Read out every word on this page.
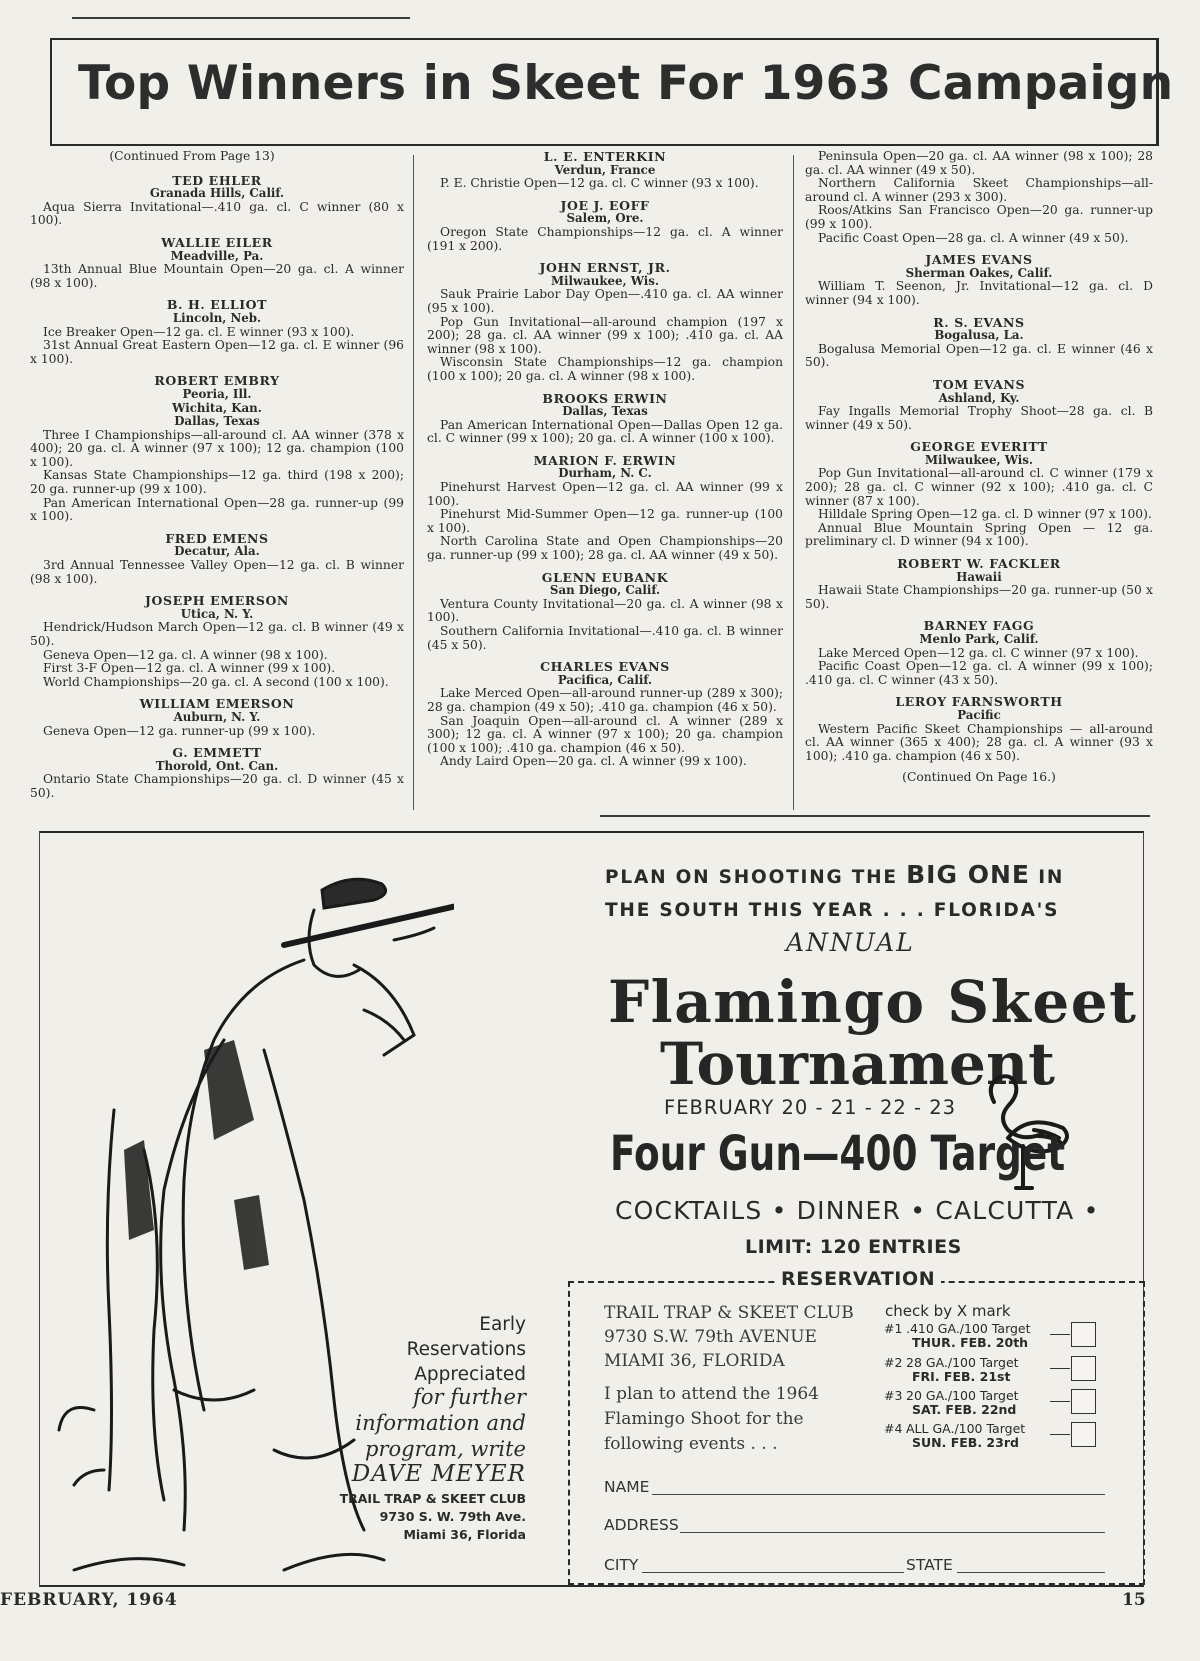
Top Winners in Skeet For 1963 Campaign
(Continued From Page 13)
TED EHLER
Granada Hills, Calif.

Aqua Sierra Invitational—.410 ga. cl. C winner (80 x 100).

WALLIE EILER
Meadville, Pa.

13th Annual Blue Mountain Open—20 ga. cl. A winner (98 x 100).

B. H. ELLIOT
Lincoln, Neb.

Ice Breaker Open—12 ga. cl. E winner (93 x 100).

31st Annual Great Eastern Open—12 ga. cl. E winner (96 x 100).

ROBERT EMBRY
Peoria, Ill.
Wichita, Kan.
Dallas, Texas

Three I Championships—all-around cl. AA winner (378 x 400); 20 ga. cl. A winner (97 x 100); 12 ga. champion (100 x 100).

Kansas State Championships—12 ga. third (198 x 200); 20 ga. runner-up (99 x 100).

Pan American International Open—28 ga. runner-up (99 x 100).

FRED EMENS
Decatur, Ala.

3rd Annual Tennessee Valley Open—12 ga. cl. B winner (98 x 100).

JOSEPH EMERSON
Utica, N. Y.

Hendrick/Hudson March Open—12 ga. cl. B winner (49 x 50).

Geneva Open—12 ga. cl. A winner (98 x 100).

First 3-F Open—12 ga. cl. A winner (99 x 100).

World Championships—20 ga. cl. A second (100 x 100).

WILLIAM EMERSON
Auburn, N. Y.

Geneva Open—12 ga. runner-up (99 x 100).

G. EMMETT
Thorold, Ont. Can.

Ontario State Championships—20 ga. cl. D winner (45 x 50).

L. E. ENTERKIN
Verdun, France

P. E. Christie Open—12 ga. cl. C winner (93 x 100).

JOE J. EOFF
Salem, Ore.

Oregon State Championships—12 ga. cl. A winner (191 x 200).

JOHN ERNST, JR.
Milwaukee, Wis.

Sauk Prairie Labor Day Open—.410 ga. cl. AA winner (95 x 100).

Pop Gun Invitational—all-around champion (197 x 200); 28 ga. cl. AA winner (99 x 100); .410 ga. cl. AA winner (98 x 100).

Wisconsin State Championships—12 ga. champion (100 x 100); 20 ga. cl. A winner (98 x 100).

BROOKS ERWIN
Dallas, Texas

Pan American International Open—Dallas Open 12 ga. cl. C winner (99 x 100); 20 ga. cl. A winner (100 x 100).

MARION F. ERWIN
Durham, N. C.

Pinehurst Harvest Open—12 ga. cl. AA winner (99 x 100).

Pinehurst Mid-Summer Open—12 ga. runner-up (100 x 100).

North Carolina State and Open Championships—20 ga. runner-up (99 x 100); 28 ga. cl. AA winner (49 x 50).

GLENN EUBANK
San Diego, Calif.

Ventura County Invitational—20 ga. cl. A winner (98 x 100).

Southern California Invitational—.410 ga. cl. B winner (45 x 50).

CHARLES EVANS
Pacifica, Calif.

Lake Merced Open—all-around runner-up (289 x 300); 28 ga. champion (49 x 50); .410 ga. champion (46 x 50).

San Joaquin Open—all-around cl. A winner (289 x 300); 12 ga. cl. A winner (97 x 100); 20 ga. champion (100 x 100); .410 ga. champion (46 x 50).

Andy Laird Open—20 ga. cl. A winner (99 x 100).

Peninsula Open—20 ga. cl. AA winner (98 x 100); 28 ga. cl. AA winner (49 x 50).

Northern California Skeet Championships—all-around cl. A winner (293 x 300).

Roos/Atkins San Francisco Open—20 ga. runner-up (99 x 100).

Pacific Coast Open—28 ga. cl. A winner (49 x 50).

JAMES EVANS
Sherman Oakes, Calif.

William T. Seenon, Jr. Invitational—12 ga. cl. D winner (94 x 100).

R. S. EVANS
Bogalusa, La.

Bogalusa Memorial Open—12 ga. cl. E winner (46 x 50).

TOM EVANS
Ashland, Ky.

Fay Ingalls Memorial Trophy Shoot—28 ga. cl. B winner (49 x 50).

GEORGE EVERITT
Milwaukee, Wis.

Pop Gun Invitational—all-around cl. C winner (179 x 200); 28 ga. cl. C winner (92 x 100); .410 ga. cl. C winner (87 x 100).

Hilldale Spring Open—12 ga. cl. D winner (97 x 100).

Annual Blue Mountain Spring Open — 12 ga. preliminary cl. D winner (94 x 100).

ROBERT W. FACKLER
Hawaii

Hawaii State Championships—20 ga. runner-up (50 x 50).

BARNEY FAGG
Menlo Park, Calif.

Lake Merced Open—12 ga. cl. C winner (97 x 100).

Pacific Coast Open—12 ga. cl. A winner (99 x 100); .410 ga. cl. C winner (43 x 50).

LEROY FARNSWORTH
Pacific

Western Pacific Skeet Championships — all-around cl. AA winner (365 x 400); 28 ga. cl. A winner (93 x 100); .410 ga. champion (46 x 50).

(Continued On Page 16.)
PLAN ON SHOOTING THE BIG ONE IN
THE SOUTH THIS YEAR . . . FLORIDA'S
ANNUAL
Flamingo Skeet
Tournament
FEBRUARY 20 - 21 - 22 - 23
Four Gun—400 Target
COCKTAILS • DINNER • CALCUTTA •
LIMIT: 120 ENTRIES
RESERVATION
TRAIL TRAP & SKEET CLUB
9730 S.W. 79th AVENUE
MIAMI 36, FLORIDA
I plan to attend the 1964
Flamingo Shoot for the
following events . . .
check by X mark
#1 .410 GA./100 Target
THUR. FEB. 20th
#2 28 GA./100 Target
FRI. FEB. 21st
#3 20 GA./100 Target
SAT. FEB. 22nd
#4 ALL GA./100 Target
SUN. FEB. 23rd
NAME
ADDRESS
CITY	STATE
Early
Reservations
Appreciated
for further
information and
program, write
DAVE MEYER
TRAIL TRAP & SKEET CLUB
9730 S. W. 79th Ave.
Miami 36, Florida
FEBRUARY, 1964	15
